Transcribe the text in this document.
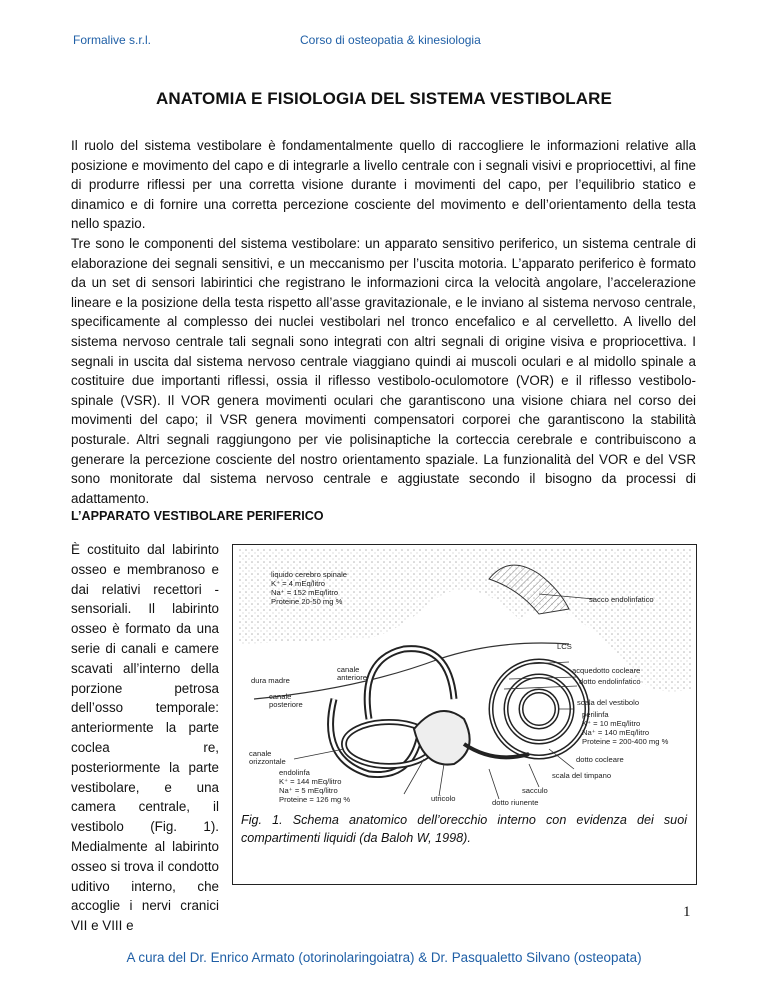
Formalive s.r.l.	Corso di osteopatia & kinesiologia
ANATOMIA E FISIOLOGIA DEL SISTEMA VESTIBOLARE

Il ruolo del sistema vestibolare è fondamentalmente quello di raccogliere le informazioni relative alla posizione e movimento del capo e di integrarle a livello centrale con i segnali visivi e propriocettivi, al fine di produrre riflessi per una corretta visione durante i movimenti del capo, per l’equilibrio statico e dinamico e di fornire una corretta percezione cosciente del movimento e dell’orientamento della testa nello spazio.

Tre sono le componenti del sistema vestibolare: un apparato sensitivo periferico, un sistema centrale di elaborazione dei segnali sensitivi, e un meccanismo per l’uscita motoria. L’apparato periferico è formato da un set di sensori labirintici che registrano le informazioni circa la velocità angolare, l’accelerazione lineare e la posizione della testa rispetto all’asse gravitazionale, e le inviano al sistema nervoso centrale, specificamente al complesso dei nuclei vestibolari nel tronco encefalico e al cervelletto. A livello del sistema nervoso centrale tali segnali sono integrati con altri segnali di origine visiva e propriocettiva. I segnali in uscita dal sistema nervoso centrale viaggiano quindi ai muscoli oculari e al midollo spinale a costituire due importanti riflessi, ossia il riflesso vestibolo-oculomotore (VOR) e il riflesso vestibolo-spinale (VSR). Il VOR genera movimenti oculari che garantiscono una visione chiara nel corso dei movimenti del capo; il VSR genera movimenti compensatori corporei che garantiscono la stabilità posturale. Altri segnali raggiungono per vie polisinaptiche la corteccia cerebrale e contribuiscono a generare la percezione cosciente del nostro orientamento spaziale. La funzionalità del VOR e del VSR sono monitorate dal sistema nervoso centrale e aggiustate secondo il bisogno da processi di adattamento.

L’APPARATO VESTIBOLARE PERIFERICO
È costituito dal labirinto osseo e membranoso e dai relativi recettori - sensoriali. Il labirinto osseo è formato da una serie di canali e camere scavati all’interno della porzione petrosa dell’osso temporale: anteriormente la parte coclea re, posteriormente la parte vestibolare, e una camera centrale, il vestibolo (Fig. 1). Medialmente al labirinto osseo si trova il condotto uditivo interno, che accoglie i nervi cranici VII e VIII e
liquido cerebro spinale
K⁺ = 4 mEq/litro
Na⁺ = 152 mEq/litro
Proteine 20-50 mg %	sacco endolinfatico
LCS
dura madre
canale
anteriore
canale
posteriore
acquedotto cocleare
dotto endolinfatico
scala del vestibolo
perilinfa
K⁺ = 10 mEq/litro
Na⁺ = 140 mEq/litro
Proteine = 200-400 mg %
canale
orizzontale	dotto cocleare
scala del timpano
sacculo
utricolo	dotto riunente
endolinfa
K⁺ = 144 mEq/litro
Na⁺ = 5 mEq/litro
Proteine = 126 mg %
Fig. 1. Schema anatomico dell’orecchio interno con evidenza dei suoi compartimenti liquidi (da Baloh W, 1998).
1
A cura del Dr. Enrico Armato (otorinolaringoiatra) & Dr. Pasqualetto Silvano (osteopata)
